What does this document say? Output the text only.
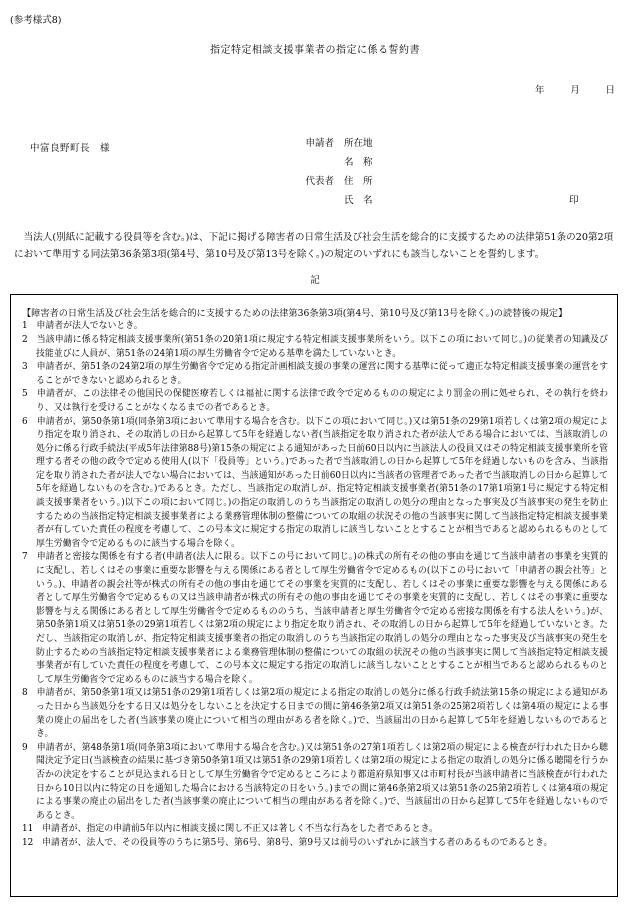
(参考様式8)
指定特定相談支援事業者の指定に係る誓約書
年	月	日
中富良野町長　様	申請者 所在地
名　称
代表者 住　所
氏　名	印
当法人(別紙に記載する役員等を含む。)は、下記に掲げる障害者の日常生活及び社会生活を総合的に支援するための法律第51条の20第2項において準用する同法第36条第3項(第4号、第10号及び第13号を除く。)の規定のいずれにも該当しないことを誓約します。
記
【障害者の日常生活及び社会生活を総合的に支援するための法律第36条第3項(第4号、第10号及び第13号を除く。)の読替後の規定】
1　 申請者が法人でないとき。
2　 当該申請に係る特定相談支援事業所(第51条の20第1項に規定する特定相談支援事業所をいう。以下この項において同じ。)の従業者の知識及び技能並びに人員が、第51条の24第1項の厚生労働省令で定める基準を満たしていないとき。
3　 申請者が、第51条の24第2項の厚生労働省令で定める指定計画相談支援の事業の運営に関する基準に従って適正な特定相談支援事業の運営をすることができないと認められるとき。
5　 申請者が、この法律その他国民の保健医療若しくは福祉に関する法律で政令で定めるものの規定により罰金の刑に処せられ、その執行を終わり、又は執行を受けることがなくなるまでの者であるとき。
6　 申請者が、第50条第1項(同条第3項において準用する場合を含む。以下この項において同じ。)又は第51条の29第1項若しくは第2項の規定により指定を取り消され、その取消しの日から起算して5年を経過しない者(当該指定を取り消された者が法人である場合においては、当該取消しの処分に係る行政手続法(平成5年法律第88号)第15条の規定による通知があった日前60日以内に当該法人の役員又はその特定相談支援事業所を管理する者その他の政令で定める使用人(以下「役員等」という。)であった者で当該取消しの日から起算して5年を経過しないものを含み、当該指定を取り消された者が法人でない場合においては、当該通知があった日前60日以内に当該者の管理者であった者で当該取消しの日から起算して5年を経過しないものを含む。)であるとき。ただし、当該指定の取消しが、指定特定相談支援事業者(第51条の17第1項第1号に規定する特定相談支援事業者をいう。)以下この項において同じ。)の指定の取消しのうち当該指定の取消しの処分の理由となった事実及び当該事実の発生を防止するための当該指定特定相談支援事業者による業務管理体制の整備についての取組の状況その他の当該事実に関して当該指定特定相談支援事業者が有していた責任の程度を考慮して、この号本文に規定する指定の取消しに該当しないこととすることが相当であると認められるものとして厚生労働省令で定めるものに該当する場合を除く。
7　 申請者と密接な関係を有する者(申請者(法人に限る。以下この号において同じ。)の株式の所有その他の事由を通じて当該申請者の事業を実質的に支配し、若しくはその事業に重要な影響を与える関係にある者として厚生労働省令で定めるもの(以下この号において「申請者の親会社等」という。)、申請者の親会社等が株式の所有その他の事由を通じてその事業を実質的に支配し、若しくはその事業に重要な影響を与える関係にある者として厚生労働省令で定めるもの又は当該申請者が株式の所有その他の事由を通じてその事業を実質的に支配し、若しくはその事業に重要な影響を与える関係にある者として厚生労働省令で定めるもののうち、当該申請者と厚生労働省令で定める密接な関係を有する法人をいう。)が、第50条第1項又は第51条の29第1項若しくは第2項の規定により指定を取り消され、その取消しの日から起算して5年を経過していないとき。ただし、当該指定の取消しが、指定特定相談支援事業者の指定の取消しのうち当該指定の取消しの処分の理由となった事実及び当該事実の発生を防止するための当該指定特定相談支援事業者による業務管理体制の整備についての取組の状況その他の当該事実に関して当該指定特定相談支援事業者が有していた責任の程度を考慮して、この号本文に規定する指定の取消しに該当しないこととすることが相当であると認められるものとして厚生労働省令で定めるものに該当する場合を除く。
8　 申請者が、第50条第1項又は第51条の29第1項若しくは第2項の規定による指定の取消しの処分に係る行政手続法第15条の規定による通知があった日から当該処分をする日又は処分をしないことを決定する日までの間に第46条第2項又は第51条の25第2項若しくは第4項の規定による事業の廃止の届出をした者(当該事業の廃止について相当の理由がある者を除く。)で、当該届出の日から起算して5年を経過しないものであるとき。
9　 申請者が、第48条第1項(同条第3項において準用する場合を含む。)又は第51条の27第1項若しくは第2項の規定による検査が行われた日から聴聞決定予定日(当該検査の結果に基づき第50条第1項又は第51条の29第1項若しくは第2項の規定による指定の取消しの処分に係る聴聞を行うか否かの決定をすることが見込まれる日として厚生労働省令で定めるところにより都道府県知事又は市町村長が当該申請者に当該検査が行われた日から10日以内に特定の日を通知した場合における当該特定の日をいう。)までの間に第46条第2項又は第51条の25第2項若しくは第4項の規定による事業の廃止の届出をした者(当該事業の廃止について相当の理由がある者を除く。)で、当該届出の日から起算して5年を経過しないものであるとき。
11　 申請者が、指定の申請前5年以内に相談支援に関し不正又は著しく不当な行為をした者であるとき。
12　 申請者が、法人で、その役員等のうちに第5号、第6号、第8号、第9号又は前号のいずれかに該当する者のあるものであるとき。
